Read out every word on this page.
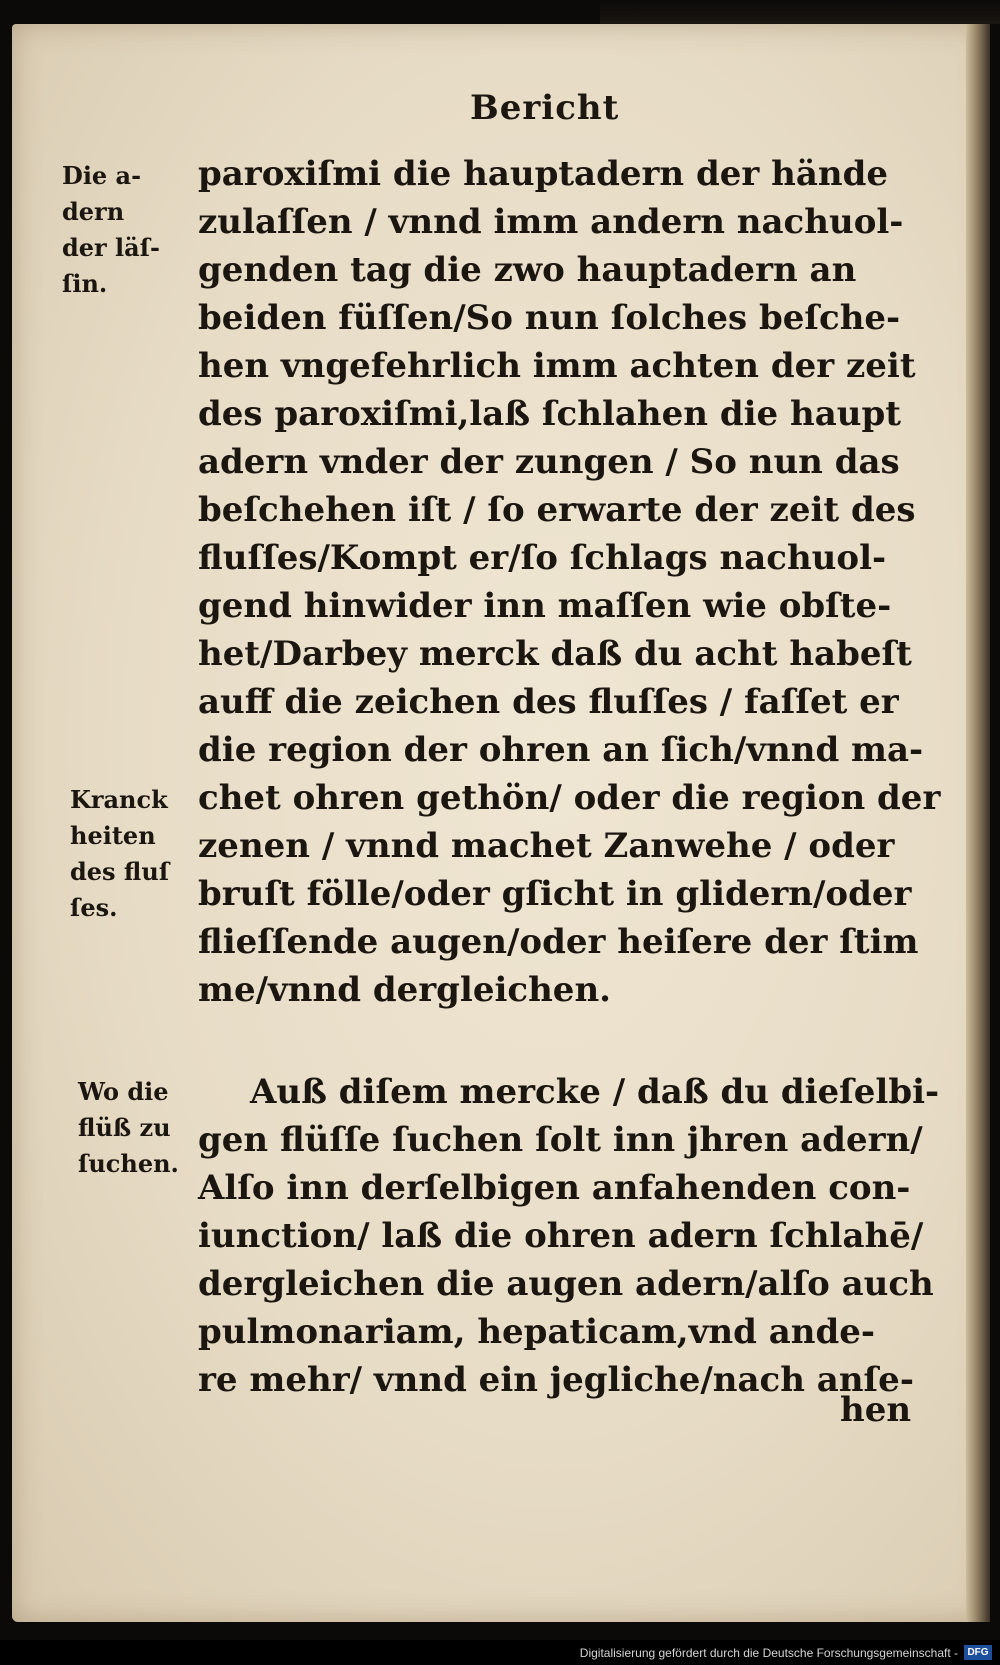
Bericht
Die a-
dern
der läſ-
ſin.
Kranck
heiten
des fluſ
ſes.
Wo die
flüß zu
ſuchen.
paroxiſmi die hauptadern der hände
zulaſſen / vnnd imm andern nachuol-
genden tag die zwo hauptadern an
beiden füſſen/So nun ſolches beſche-
hen vngefehrlich imm achten der zeit
des paroxiſmi,laß ſchlahen die haupt
adern vnder der zungen / So nun das
beſchehen iſt / ſo erwarte der zeit des
fluſſes/Kompt er/ſo ſchlags nachuol-
gend hinwider inn maſſen wie obſte-
het/Darbey merck daß du acht habeſt
auff die zeichen des fluſſes / faſſet er
die region der ohren an ſich/vnnd ma-
chet ohren gethön/ oder die region der
zenen / vnnd machet Zanwehe / oder
bruſt fölle/oder gſicht in glidern/oder
flieſſende augen/oder heiſere der ſtim
me/vnnd dergleichen.
Auß diſem mercke / daß du dieſelbi-
gen flüſſe ſuchen ſolt inn jhren adern/
Alſo inn derſelbigen anfahenden con-
iunction/ laß die ohren adern ſchlahē/
dergleichen die augen adern/alſo auch
pulmonariam, hepaticam,vnd ande-
re mehr/ vnnd ein jegliche/nach anſe-
hen
Digitalisierung gefördert durch die Deutsche Forschungsgemeinschaft - DFG
